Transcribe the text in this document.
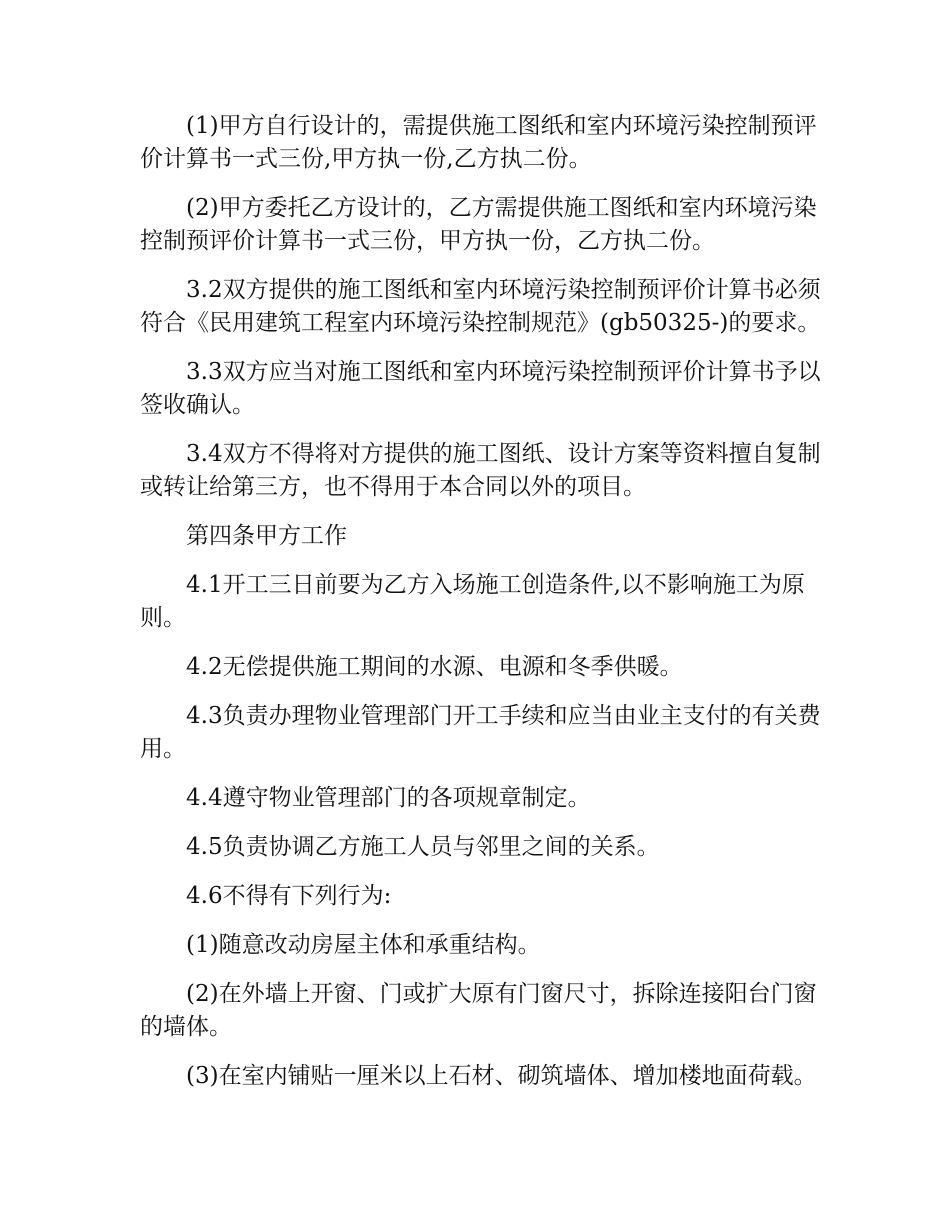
(1)甲方自行设计的，需提供施工图纸和室内环境污染控制预评价计算书一式三份,甲方执一份,乙方执二份。

(2)甲方委托乙方设计的，乙方需提供施工图纸和室内环境污染控制预评价计算书一式三份，甲方执一份，乙方执二份。

3.2双方提供的施工图纸和室内环境污染控制预评价计算书必须符合《民用建筑工程室内环境污染控制规范》(gb50325-)的要求。

3.3双方应当对施工图纸和室内环境污染控制预评价计算书予以签收确认。

3.4双方不得将对方提供的施工图纸、设计方案等资料擅自复制或转让给第三方，也不得用于本合同以外的项目。

第四条甲方工作

4.1开工三日前要为乙方入场施工创造条件,以不影响施工为原则。

4.2无偿提供施工期间的水源、电源和冬季供暖。

4.3负责办理物业管理部门开工手续和应当由业主支付的有关费用。

4.4遵守物业管理部门的各项规章制定。

4.5负责协调乙方施工人员与邻里之间的关系。

4.6不得有下列行为:

(1)随意改动房屋主体和承重结构。

(2)在外墙上开窗、门或扩大原有门窗尺寸，拆除连接阳台门窗的墙体。

(3)在室内铺贴一厘米以上石材、砌筑墙体、增加楼地面荷载。
